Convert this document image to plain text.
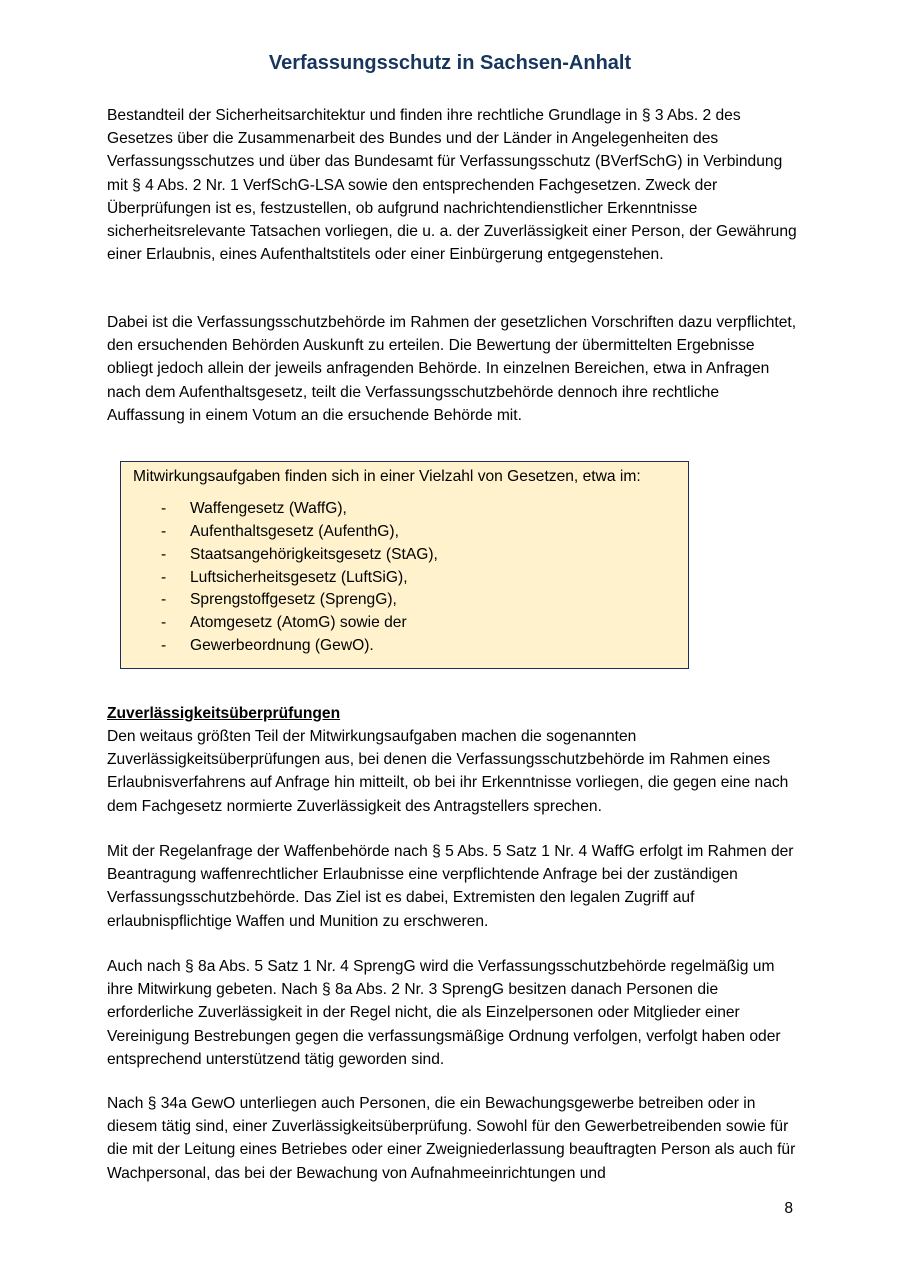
Verfassungsschutz in Sachsen-Anhalt

Bestandteil der Sicherheitsarchitektur und finden ihre rechtliche Grundlage in § 3 Abs. 2 des Gesetzes über die Zusammenarbeit des Bundes und der Länder in Angelegenheiten des Verfassungsschutzes und über das Bundesamt für Verfassungsschutz (BVerfSchG) in Verbindung mit § 4 Abs. 2 Nr. 1 VerfSchG-LSA sowie den entsprechenden Fachgesetzen. Zweck der Überprüfungen ist es, festzustellen, ob aufgrund nachrichtendienstlicher Erkenntnisse sicherheitsrelevante Tatsachen vorliegen, die u. a. der Zuverlässigkeit einer Person, der Gewährung einer Erlaubnis, eines Aufenthaltstitels oder einer Einbürgerung entgegenstehen.

Dabei ist die Verfassungsschutzbehörde im Rahmen der gesetzlichen Vorschriften dazu verpflichtet, den ersuchenden Behörden Auskunft zu erteilen. Die Bewertung der übermittelten Ergebnisse obliegt jedoch allein der jeweils anfragenden Behörde. In einzelnen Bereichen, etwa in Anfragen nach dem Aufenthaltsgesetz, teilt die Verfassungsschutzbehörde dennoch ihre rechtliche Auffassung in einem Votum an die ersuchende Behörde mit.

Mitwirkungsaufgaben finden sich in einer Vielzahl von Gesetzen, etwa im:

- Waffengesetz (WaffG),
- Aufenthaltsgesetz (AufenthG),
- Staatsangehörigkeitsgesetz (StAG),
- Luftsicherheitsgesetz (LuftSiG),
- Sprengstoffgesetz (SprengG),
- Atomgesetz (AtomG) sowie der
- Gewerbeordnung (GewO).
Zuverlässigkeitsüberprüfungen

Den weitaus größten Teil der Mitwirkungsaufgaben machen die sogenannten Zuverlässigkeitsüberprüfungen aus, bei denen die Verfassungsschutzbehörde im Rahmen eines Erlaubnisverfahrens auf Anfrage hin mitteilt, ob bei ihr Erkenntnisse vorliegen, die gegen eine nach dem Fachgesetz normierte Zuverlässigkeit des Antragstellers sprechen.

Mit der Regelanfrage der Waffenbehörde nach § 5 Abs. 5 Satz 1 Nr. 4 WaffG erfolgt im Rahmen der Beantragung waffenrechtlicher Erlaubnisse eine verpflichtende Anfrage bei der zuständigen Verfassungsschutzbehörde. Das Ziel ist es dabei, Extremisten den legalen Zugriff auf erlaubnispflichtige Waffen und Munition zu erschweren.

Auch nach § 8a Abs. 5 Satz 1 Nr. 4 SprengG wird die Verfassungsschutzbehörde regelmäßig um ihre Mitwirkung gebeten. Nach § 8a Abs. 2 Nr. 3 SprengG besitzen danach Personen die erforderliche Zuverlässigkeit in der Regel nicht, die als Einzelpersonen oder Mitglieder einer Vereinigung Bestrebungen gegen die verfassungsmäßige Ordnung verfolgen, verfolgt haben oder entsprechend unterstützend tätig geworden sind.

Nach § 34a GewO unterliegen auch Personen, die ein Bewachungsgewerbe betreiben oder in diesem tätig sind, einer Zuverlässigkeitsüberprüfung. Sowohl für den Gewerbetreibenden sowie für die mit der Leitung eines Betriebes oder einer Zweigniederlassung beauftragten Person als auch für Wachpersonal, das bei der Bewachung von Aufnahmeeinrichtungen und

8
